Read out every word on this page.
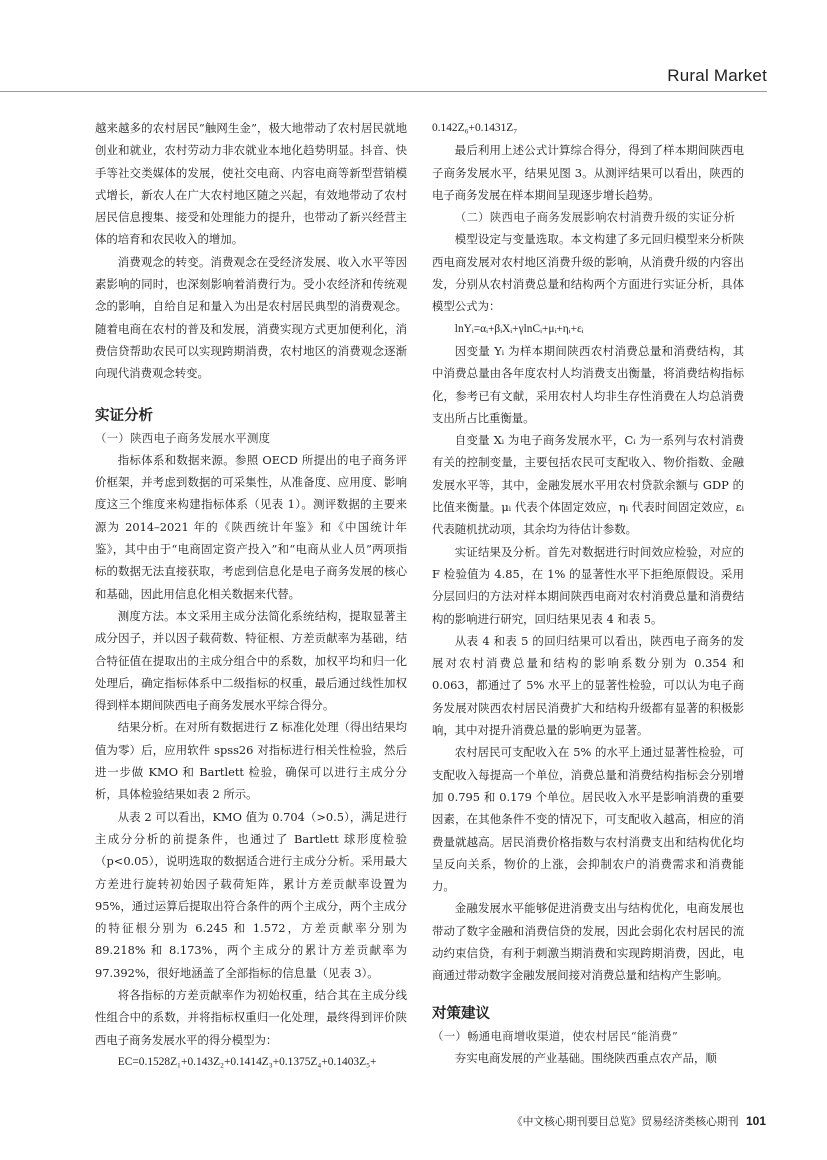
Rural Market

越来越多的农村居民“触网生金”，极大地带动了农村居民就地创业和就业，农村劳动力非农就业本地化趋势明显。抖音、快手等社交类媒体的发展，使社交电商、内容电商等新型营销模式增长，新农人在广大农村地区随之兴起，有效地带动了农村居民信息搜集、接受和处理能力的提升，也带动了新兴经营主体的培育和农民收入的增加。

消费观念的转变。消费观念在受经济发展、收入水平等因素影响的同时，也深刻影响着消费行为。受小农经济和传统观念的影响，自给自足和量入为出是农村居民典型的消费观念。随着电商在农村的普及和发展，消费实现方式更加便利化，消费信贷帮助农民可以实现跨期消费，农村地区的消费观念逐渐向现代消费观念转变。

实证分析

（一）陕西电子商务发展水平测度

指标体系和数据来源。参照 OECD 所提出的电子商务评价框架，并考虑到数据的可采集性，从准备度、应用度、影响度这三个维度来构建指标体系（见表 1）。测评数据的主要来源为 2014–2021 年的《陕西统计年鉴》和《中国统计年鉴》，其中由于“电商固定资产投入”和“电商从业人员”两项指标的数据无法直接获取，考虑到信息化是电子商务发展的核心和基础，因此用信息化相关数据来代替。

测度方法。本文采用主成分法简化系统结构，提取显著主成分因子，并以因子载荷数、特征根、方差贡献率为基础，结合特征值在提取出的主成分组合中的系数，加权平均和归一化处理后，确定指标体系中二级指标的权重，最后通过线性加权得到样本期间陕西电子商务发展水平综合得分。

结果分析。在对所有数据进行 Z 标准化处理（得出结果均值为零）后，应用软件 spss26 对指标进行相关性检验，然后进一步做 KMO 和 Bartlett 检验，确保可以进行主成分分析，具体检验结果如表 2 所示。

从表 2 可以看出，KMO 值为 0.704（>0.5），满足进行主成分分析的前提条件，也通过了 Bartlett 球形度检验（p<0.05），说明选取的数据适合进行主成分分析。采用最大方差进行旋转初始因子载荷矩阵，累计方差贡献率设置为 95%，通过运算后提取出符合条件的两个主成分，两个主成分的特征根分别为 6.245 和 1.572，方差贡献率分别为 89.218% 和 8.173%，两个主成分的累计方差贡献率为 97.392%，很好地涵盖了全部指标的信息量（见表 3）。

将各指标的方差贡献率作为初始权重，结合其在主成分线性组合中的系数，并将指标权重归一化处理，最终得到评价陕西电子商务发展水平的得分模型为：

EC=0.1528Z₁+0.143Z₂+0.1414Z₃+0.1375Z₄+0.1403Z₅+

0.142Z₆+0.1431Z₇

最后利用上述公式计算综合得分，得到了样本期间陕西电子商务发展水平，结果见图 3。从测评结果可以看出，陕西的电子商务发展在样本期间呈现逐步增长趋势。

（二）陕西电子商务发展影响农村消费升级的实证分析

模型设定与变量选取。本文构建了多元回归模型来分析陕西电商发展对农村地区消费升级的影响，从消费升级的内容出发，分别从农村消费总量和结构两个方面进行实证分析，具体模型公式为：

lnYᵢ=αᵢ+βᵢXᵢ+γlnCᵢ+μᵢ+ηᵢ+εᵢ

因变量 Yᵢ 为样本期间陕西农村消费总量和消费结构，其中消费总量由各年度农村人均消费支出衡量，将消费结构指标化，参考已有文献，采用农村人均非生存性消费在人均总消费支出所占比重衡量。

自变量 Xᵢ 为电子商务发展水平，Cᵢ 为一系列与农村消费有关的控制变量，主要包括农民可支配收入、物价指数、金融发展水平等，其中，金融发展水平用农村贷款余额与 GDP 的比值来衡量。μᵢ 代表个体固定效应，ηᵢ 代表时间固定效应，εᵢ 代表随机扰动项，其余均为待估计参数。

实证结果及分析。首先对数据进行时间效应检验，对应的 F 检验值为 4.85，在 1% 的显著性水平下拒绝原假设。采用分层回归的方法对样本期间陕西电商对农村消费总量和消费结构的影响进行研究，回归结果见表 4 和表 5。

从表 4 和表 5 的回归结果可以看出，陕西电子商务的发展对农村消费总量和结构的影响系数分别为 0.354 和 0.063，都通过了 5% 水平上的显著性检验，可以认为电子商务发展对陕西农村居民消费扩大和结构升级都有显著的积极影响，其中对提升消费总量的影响更为显著。

农村居民可支配收入在 5% 的水平上通过显著性检验，可支配收入每提高一个单位，消费总量和消费结构指标会分别增加 0.795 和 0.179 个单位。居民收入水平是影响消费的重要因素，在其他条件不变的情况下，可支配收入越高，相应的消费量就越高。居民消费价格指数与农村消费支出和结构优化均呈反向关系，物价的上涨，会抑制农户的消费需求和消费能力。

金融发展水平能够促进消费支出与结构优化，电商发展也带动了数字金融和消费信贷的发展，因此会弱化农村居民的流动约束信贷，有利于刺激当期消费和实现跨期消费，因此，电商通过带动数字金融发展间接对消费总量和结构产生影响。

对策建议

（一）畅通电商增收渠道，使农村居民“能消费”

夯实电商发展的产业基础。围绕陕西重点农产品，顺

《中文核心期刊要目总览》贸易经济类核心期刊 101
